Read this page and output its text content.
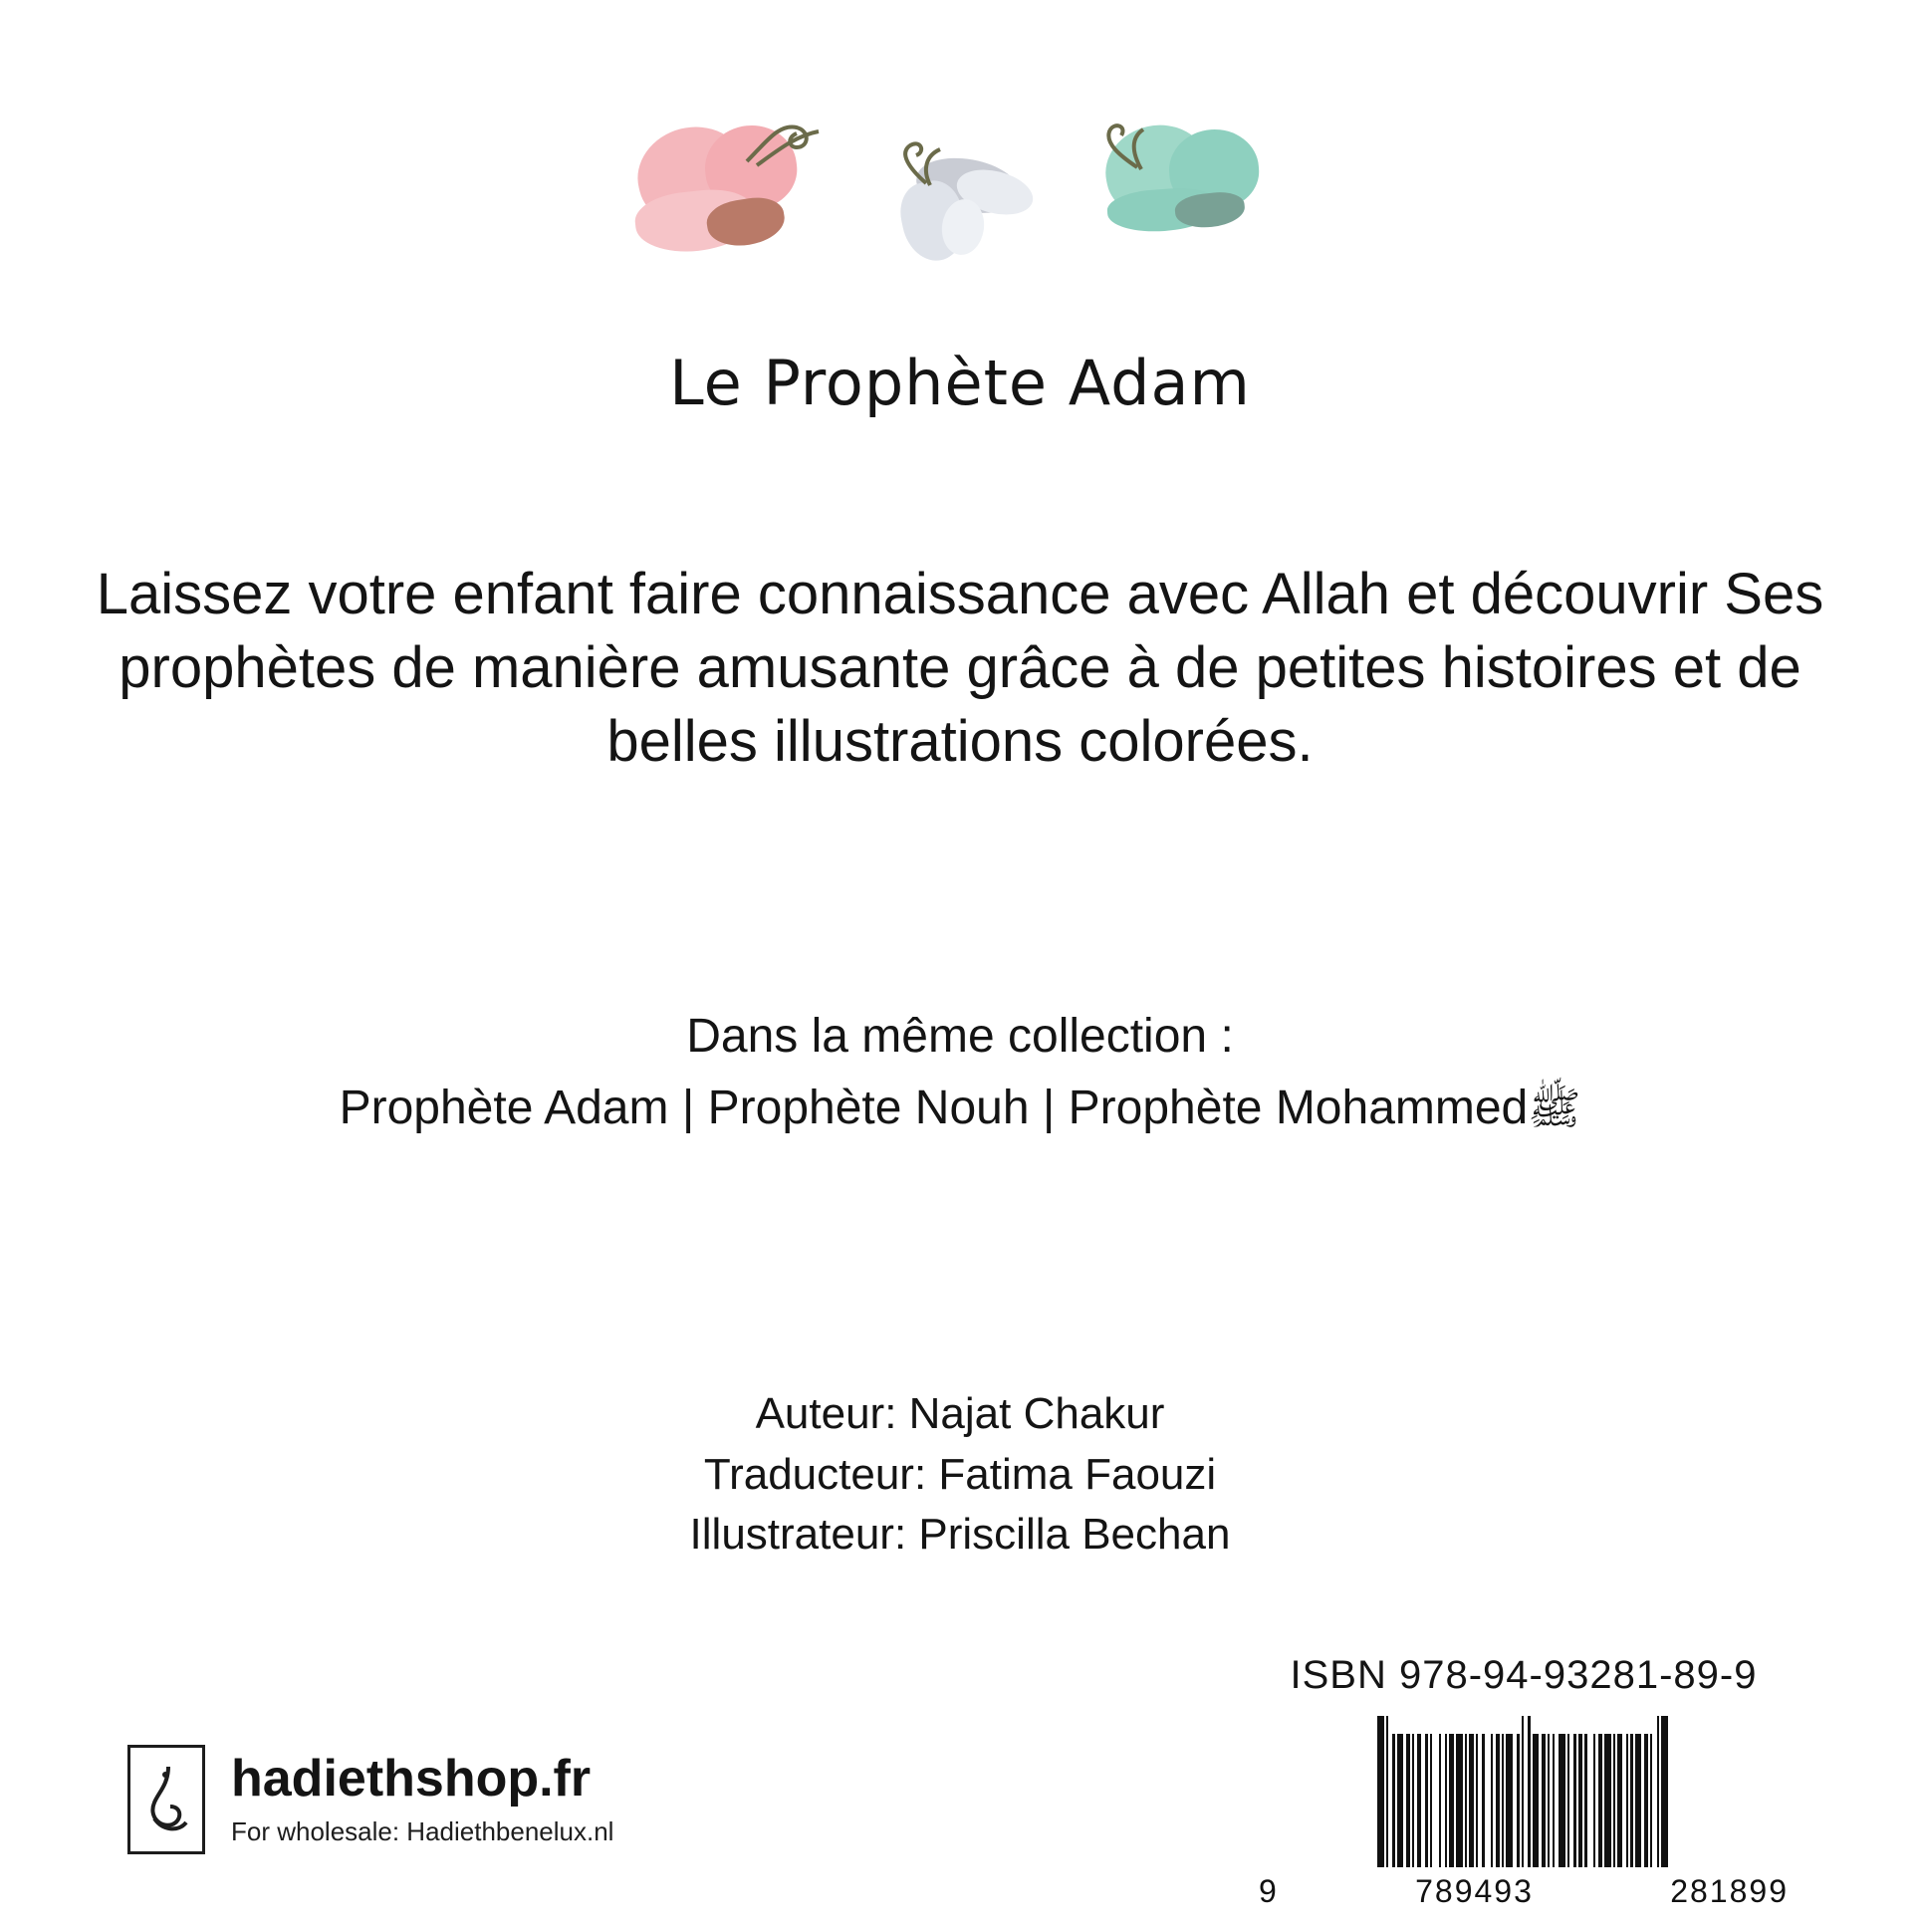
Le Prophète Adam
Laissez votre enfant faire connaissance avec Allah et découvrir Ses prophètes de manière amusante grâce à de petites histoires et de belles illustrations colorées.
Dans la même collection :
Prophète Adam | Prophète Nouh | Prophète Mohammedﷺ
Auteur: Najat Chakur
Traducteur: Fatima Faouzi
Illustrateur: Priscilla Bechan
hadiethshop.fr
For wholesale: Hadiethbenelux.nl
ISBN 978-94-93281-89-9
9	789493	281899
